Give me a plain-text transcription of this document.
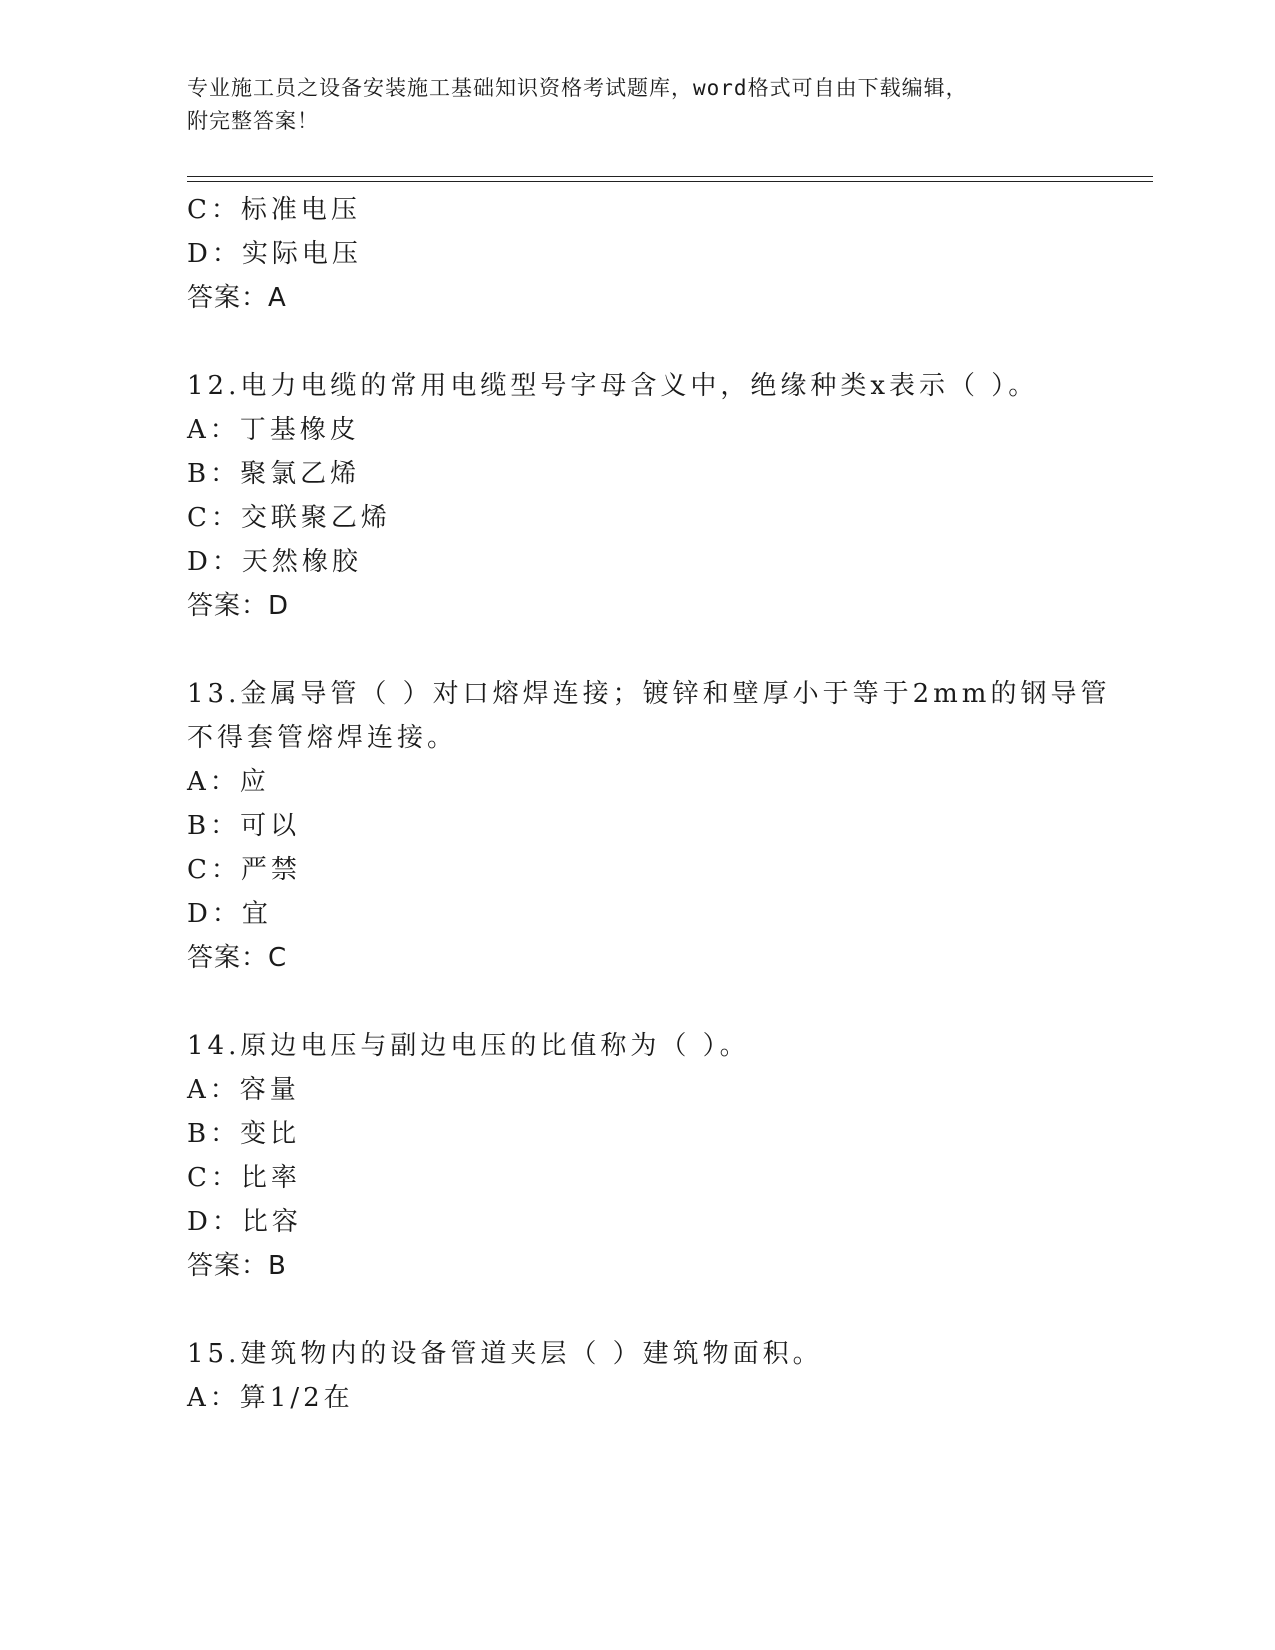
专业施工员之设备安装施工基础知识资格考试题库，word格式可自由下载编辑，
附完整答案！
C：标准电压
D：实际电压
答案：A
12.电力电缆的常用电缆型号字母含义中，绝缘种类x表示（ ）。
A：丁基橡皮
B：聚氯乙烯
C：交联聚乙烯
D：天然橡胶
答案：D
13.金属导管（ ）对口熔焊连接；镀锌和壁厚小于等于2mm的钢导管
不得套管熔焊连接。
A：应
B：可以
C：严禁
D：宜
答案：C
14.原边电压与副边电压的比值称为（ ）。
A：容量
B：变比
C：比率
D：比容
答案：B
15.建筑物内的设备管道夹层（ ）建筑物面积。
A：算1/2在
